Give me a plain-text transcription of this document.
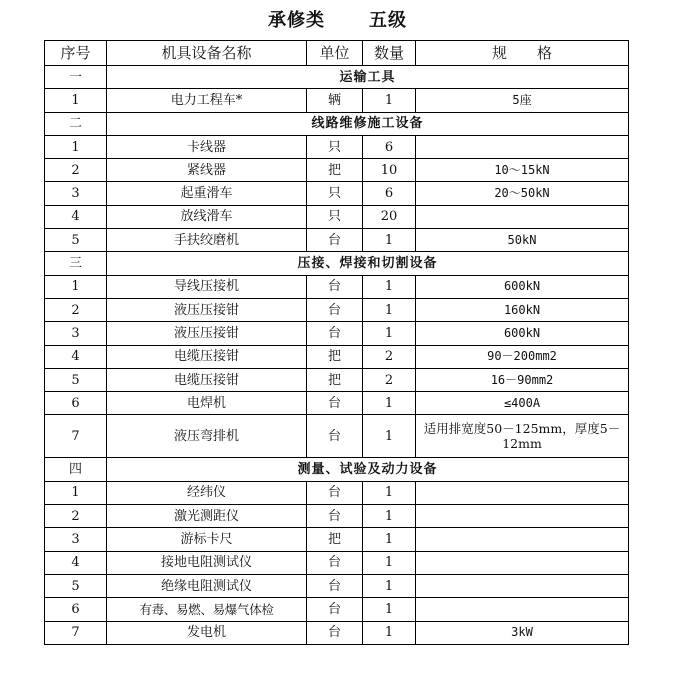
承修类 五级
序号	机具设备名称	单位	数量	规　　格
一	运输工具			
1	电力工程车*	辆	1	5座
二	线路维修施工设备			
1	卡线器	只	6	
2	紧线器	把	10	10～15kN
3	起重滑车	只	6	20～50kN
4	放线滑车	只	20	
5	手扶绞磨机	台	1	50kN
三	压接、焊接和切割设备			
1	导线压接机	台	1	600kN
2	液压压接钳	台	1	160kN
3	液压压接钳	台	1	600kN
4	电缆压接钳	把	2	90－200mm2
5	电缆压接钳	把	2	16－90mm2
6	电焊机	台	1	≤400A
7	液压弯排机	台	1	适用排宽度50－125mm，厚度5－12mm
四	测量、试验及动力设备			
1	经纬仪	台	1	
2	激光测距仪	台	1	
3	游标卡尺	把	1	
4	接地电阻测试仪	台	1	
5	绝缘电阻测试仪	台	1	
6	有毒、易燃、易爆气体检	台	1	
7	发电机	台	1	3kW
